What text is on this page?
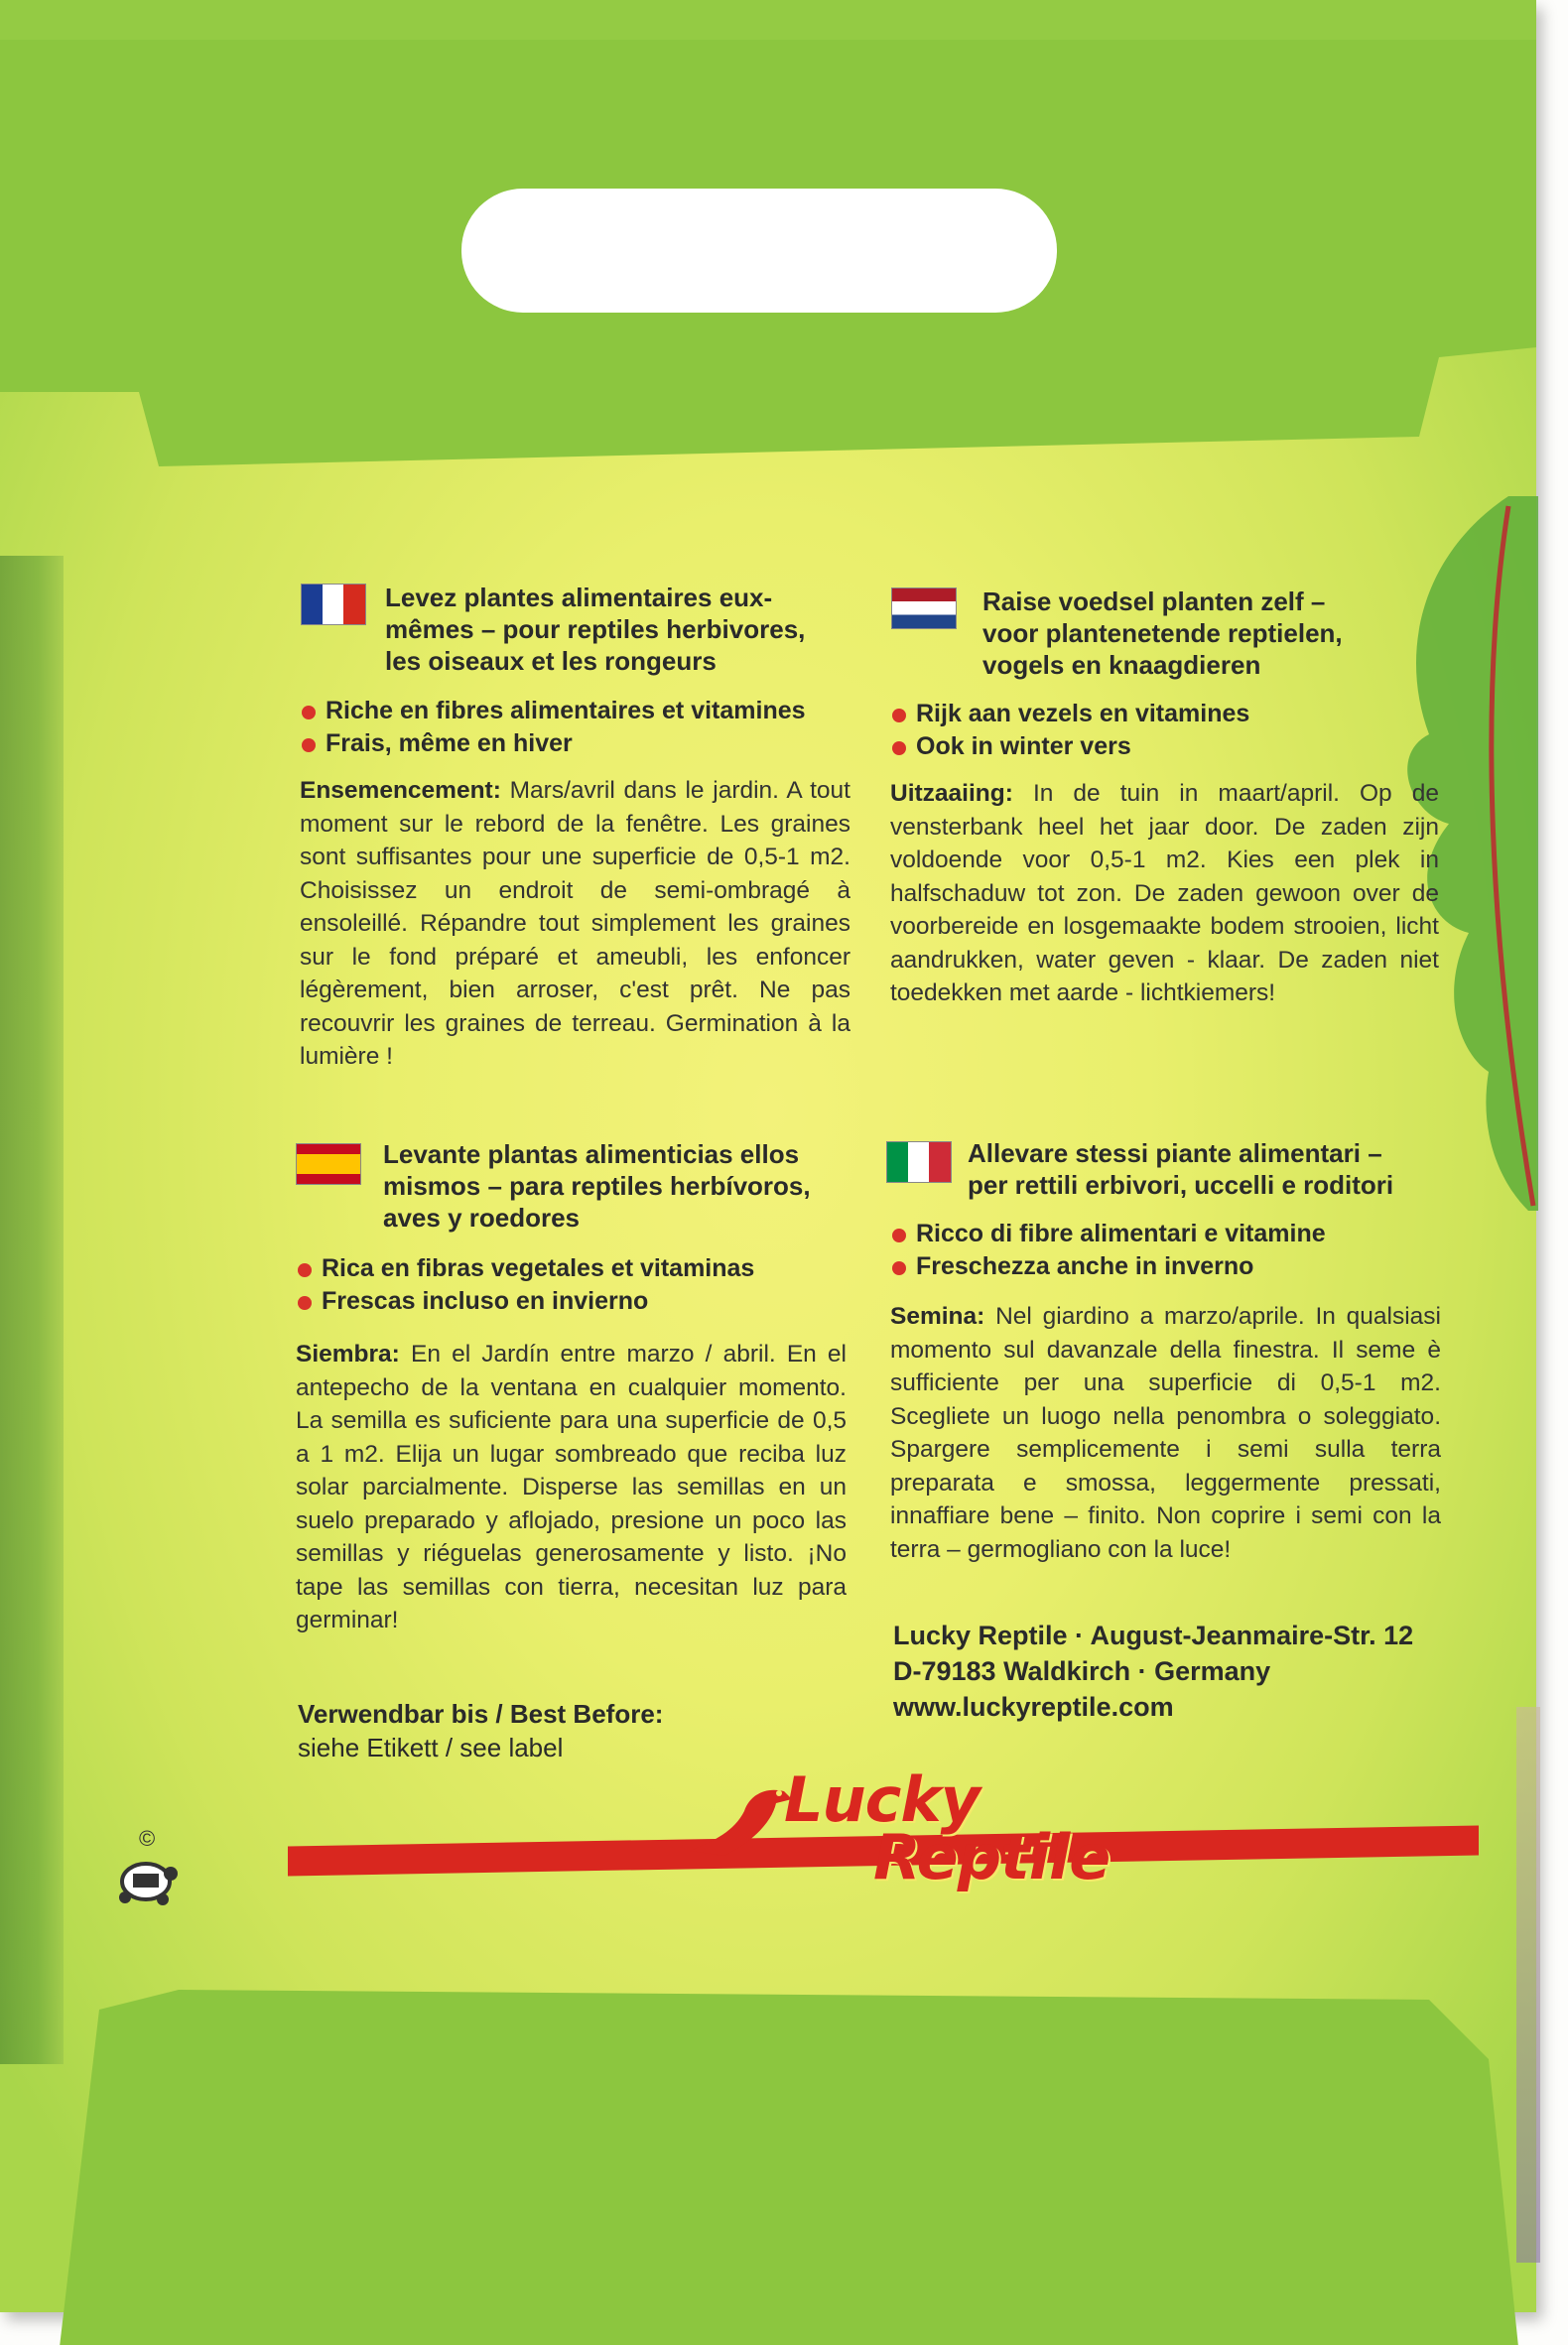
Levez plantes alimentaires eux-
mêmes – pour reptiles herbivores,
les oiseaux et les rongeurs
Riche en fibres alimentaires et vitamines
Frais, même en hiver
Ensemencement: Mars/avril dans le jardin. A tout moment sur le rebord de la fenêtre. Les graines sont suffisantes pour une superficie de 0,5-1 m2. Choisissez un endroit de semi-ombragé à ensoleillé. Répandre tout simplement les graines sur le fond préparé et ameubli, les enfoncer légèrement, bien arroser, c'est prêt. Ne pas recouvrir les graines de terreau. Germination à la lumière !
Raise voedsel planten zelf –
voor plantenetende reptielen,
vogels en knaagdieren
Rijk aan vezels en vitamines
Ook in winter vers
Uitzaaiing: In de tuin in maart/april. Op de vensterbank heel het jaar door. De zaden zijn voldoende voor 0,5-1 m2. Kies een plek in halfschaduw tot zon. De zaden gewoon over de voorbereide en losgemaakte bodem strooien, licht aandrukken, water geven - klaar. De zaden niet toedekken met aarde - lichtkiemers!
Levante plantas alimenticias ellos
mismos – para reptiles herbívoros,
aves y roedores
Rica en fibras vegetales et vitaminas
Frescas incluso en invierno
Siembra: En el Jardín entre marzo / abril. En el antepecho de la ventana en cualquier momento. La semilla es suficiente para una superficie de 0,5 a 1 m2. Elija un lugar sombreado que reciba luz solar parcialmente. Disperse las semillas en un suelo preparado y aflojado, presione un poco las semillas y riéguelas generosamente y listo. ¡No tape las semillas con tierra, necesitan luz para germinar!
Allevare stessi piante alimentari –
per rettili erbivori, uccelli e roditori
Ricco di fibre alimentari e vitamine
Freschezza anche in inverno
Semina: Nel giardino a marzo/aprile. In qualsiasi momento sul davanzale della finestra. Il seme è sufficiente per una superficie di 0,5-1 m2. Scegliete un luogo nella penombra o soleggiato. Spargere semplicemente i semi sulla terra preparata e smossa, leggermente pressati, innaffiare bene – finito. Non coprire i semi con la terra – germogliano con la luce!
Lucky Reptile · August-Jeanmaire-Str. 12
D-79183 Waldkirch · Germany
www.luckyreptile.com
Verwendbar bis / Best Before:
siehe Etikett / see label
Lucky
Reptile
©
